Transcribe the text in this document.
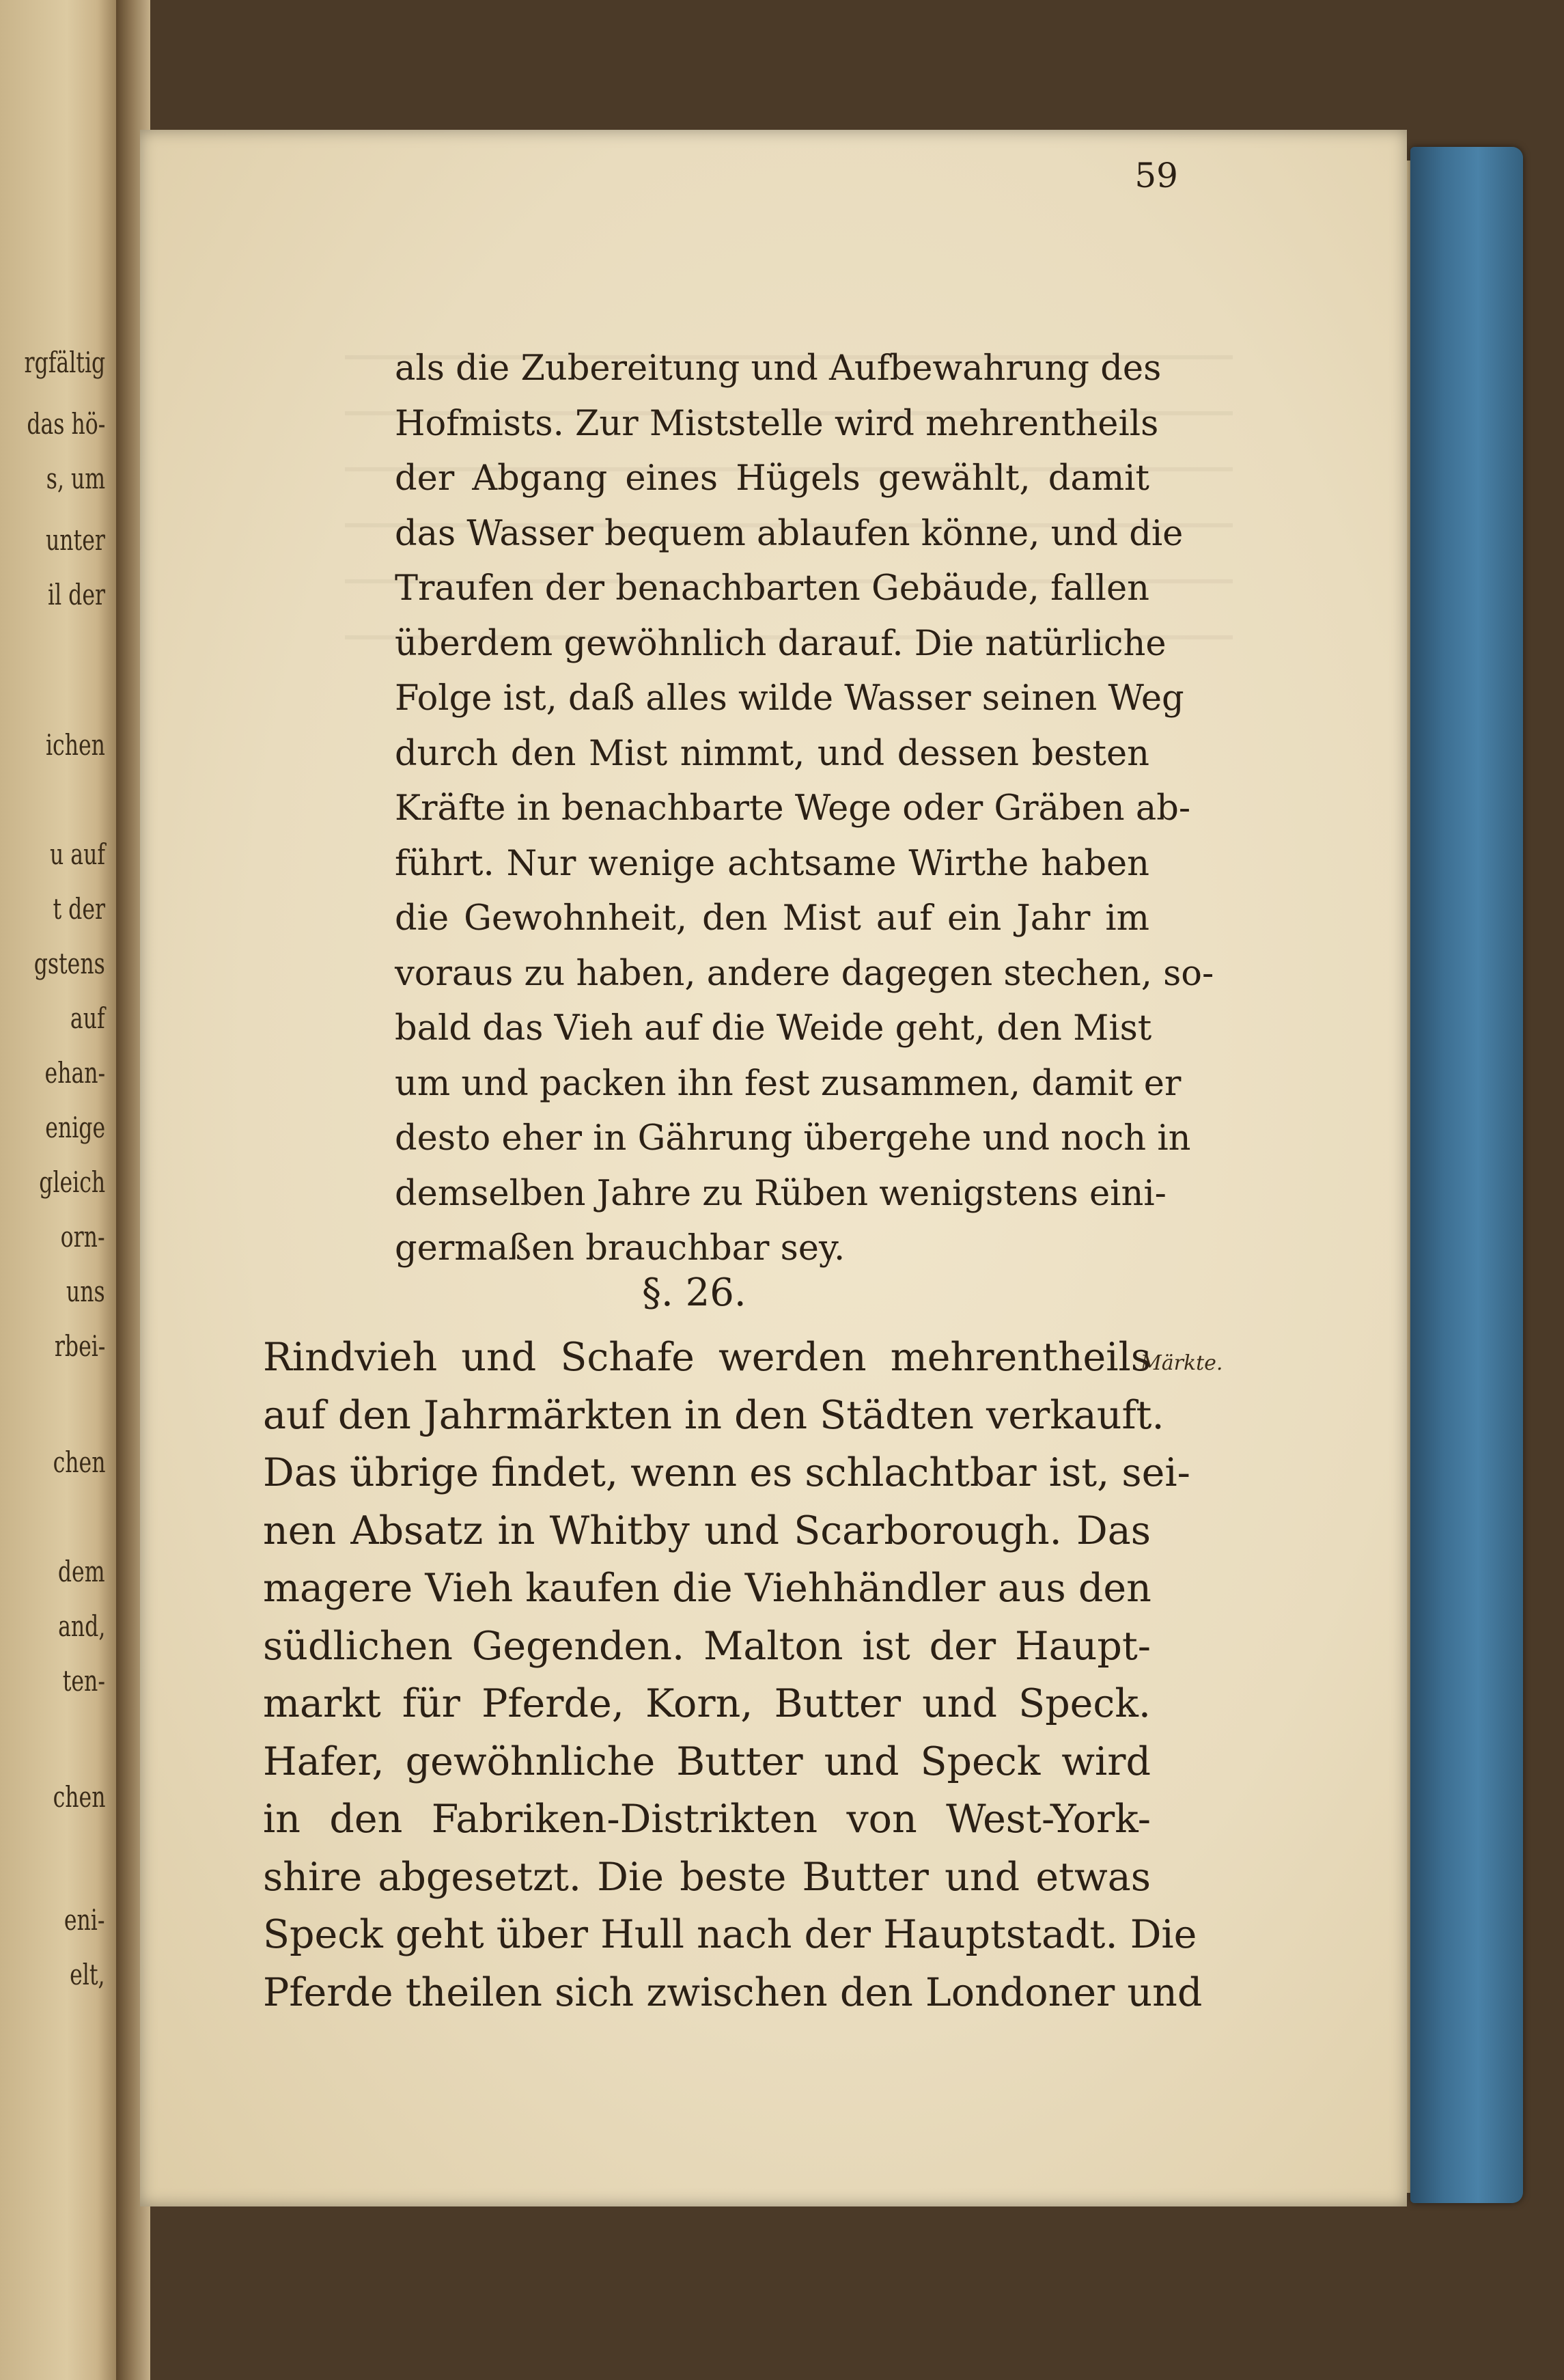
rgfältig
das hö-
s, um
unter
il der
ichen
u auf
t der
gstens
auf
ehan-
enige
gleich
orn-
uns
rbei-
chen
dem
and,
ten-
chen
eni-
elt,
59

als die Zubereitung und Aufbewahrung des

Hofmists. Zur Miststelle wird mehrentheils

der Abgang eines Hügels gewählt, damit

das Wasser bequem ablaufen könne, und die

Traufen der benachbarten Gebäude, fallen

überdem gewöhnlich darauf. Die natürliche

Folge ist, daß alles wilde Wasser seinen Weg

durch den Mist nimmt, und dessen besten

Kräfte in benachbarte Wege oder Gräben ab-

führt. Nur wenige achtsame Wirthe haben

die Gewohnheit, den Mist auf ein Jahr im

voraus zu haben, andere dagegen stechen, so-

bald das Vieh auf die Weide geht, den Mist

um und packen ihn fest zusammen, damit er

desto eher in Gährung übergehe und noch in

demselben Jahre zu Rüben wenigstens eini-

germaßen brauchbar sey.

§. 26.
Märkte.

Rindvieh und Schafe werden mehrentheils

auf den Jahrmärkten in den Städten verkauft.

Das übrige findet, wenn es schlachtbar ist, sei-

nen Absatz in Whitby und Scarborough. Das

magere Vieh kaufen die Viehhändler aus den

südlichen Gegenden. Malton ist der Haupt-

markt für Pferde, Korn, Butter und Speck.

Hafer, gewöhnliche Butter und Speck wird

in den Fabriken-Distrikten von West-York-

shire abgesetzt. Die beste Butter und etwas

Speck geht über Hull nach der Hauptstadt. Die

Pferde theilen sich zwischen den Londoner und
